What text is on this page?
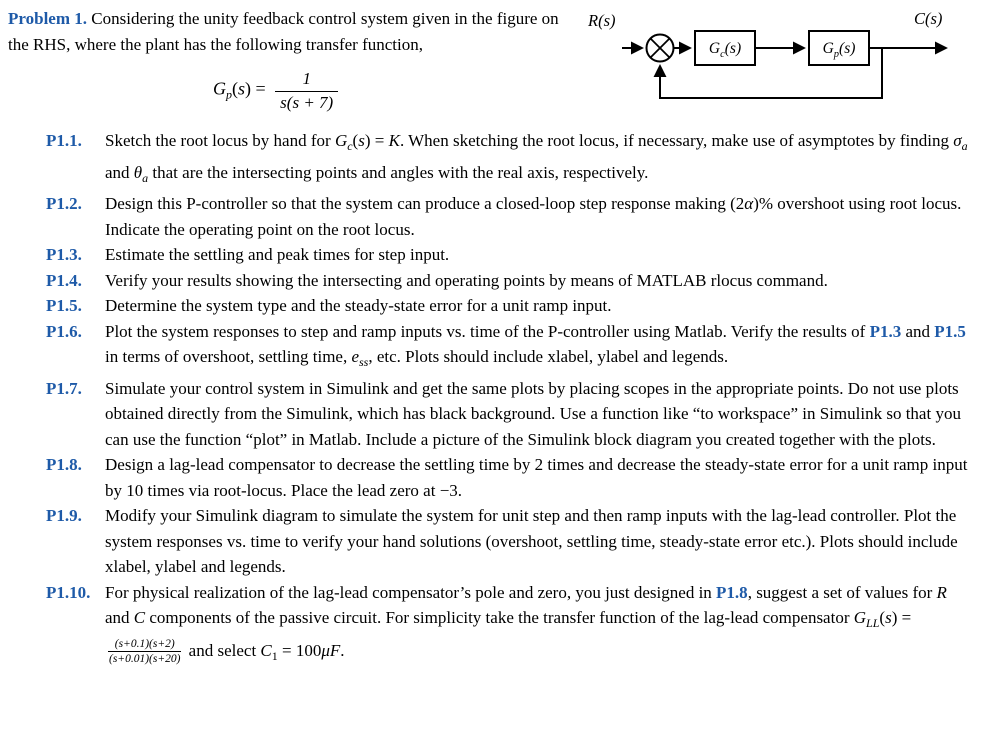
Problem 1. Considering the unity feedback control system given in the figure on the RHS, where the plant has the following transfer function,
$G_p(s) = \frac{1}{s(s + 7)}$
R(s)
$G_c(s)$	$G_p(s)$
C(s)
P1.1.	Sketch the root locus by hand for $G_c(s) = K$. When sketching the root locus, if necessary, make use of asymptotes by finding $\sigma_a$ and $\theta_a$ that are the intersecting points and angles with the real axis, respectively.
P1.2.	Design this P-controller so that the system can produce a closed-loop step response making (2α)% overshoot using root locus. Indicate the operating point on the root locus.
P1.3.	Estimate the settling and peak times for step input.
P1.4.	Verify your results showing the intersecting and operating points by means of MATLAB rlocus command.
P1.5.	Determine the system type and the steady-state error for a unit ramp input.
P1.6.	Plot the system responses to step and ramp inputs vs. time of the P-controller using Matlab. Verify the results of P1.3 and P1.5 in terms of overshoot, settling time, $e_{ss}$, etc. Plots should include xlabel, ylabel and legends.
P1.7.	Simulate your control system in Simulink and get the same plots by placing scopes in the appropriate points. Do not use plots obtained directly from the Simulink, which has black background. Use a function like “to workspace” in Simulink so that you can use the function “plot” in Matlab. Include a picture of the Simulink block diagram you created together with the plots.
P1.8.	Design a lag-lead compensator to decrease the settling time by 2 times and decrease the steady-state error for a unit ramp input by 10 times via root-locus. Place the lead zero at −3.
P1.9.	Modify your Simulink diagram to simulate the system for unit step and then ramp inputs with the lag-lead controller. Plot the system responses vs. time to verify your hand solutions (overshoot, settling time, steady-state error etc.). Plots should include xlabel, ylabel and legends.
P1.10. For physical realization of the lag-lead compensator’s pole and zero, you just designed in P1.8, suggest a set of values for R and C components of the passive circuit. For simplicity take the transfer function of the lag-lead compensator $G_{LL}(s)$ =
$\frac{(s+0.1)(s+2)}{(s+0.01)(s+20)}$ and select $C_1 = 100\mu F$.
